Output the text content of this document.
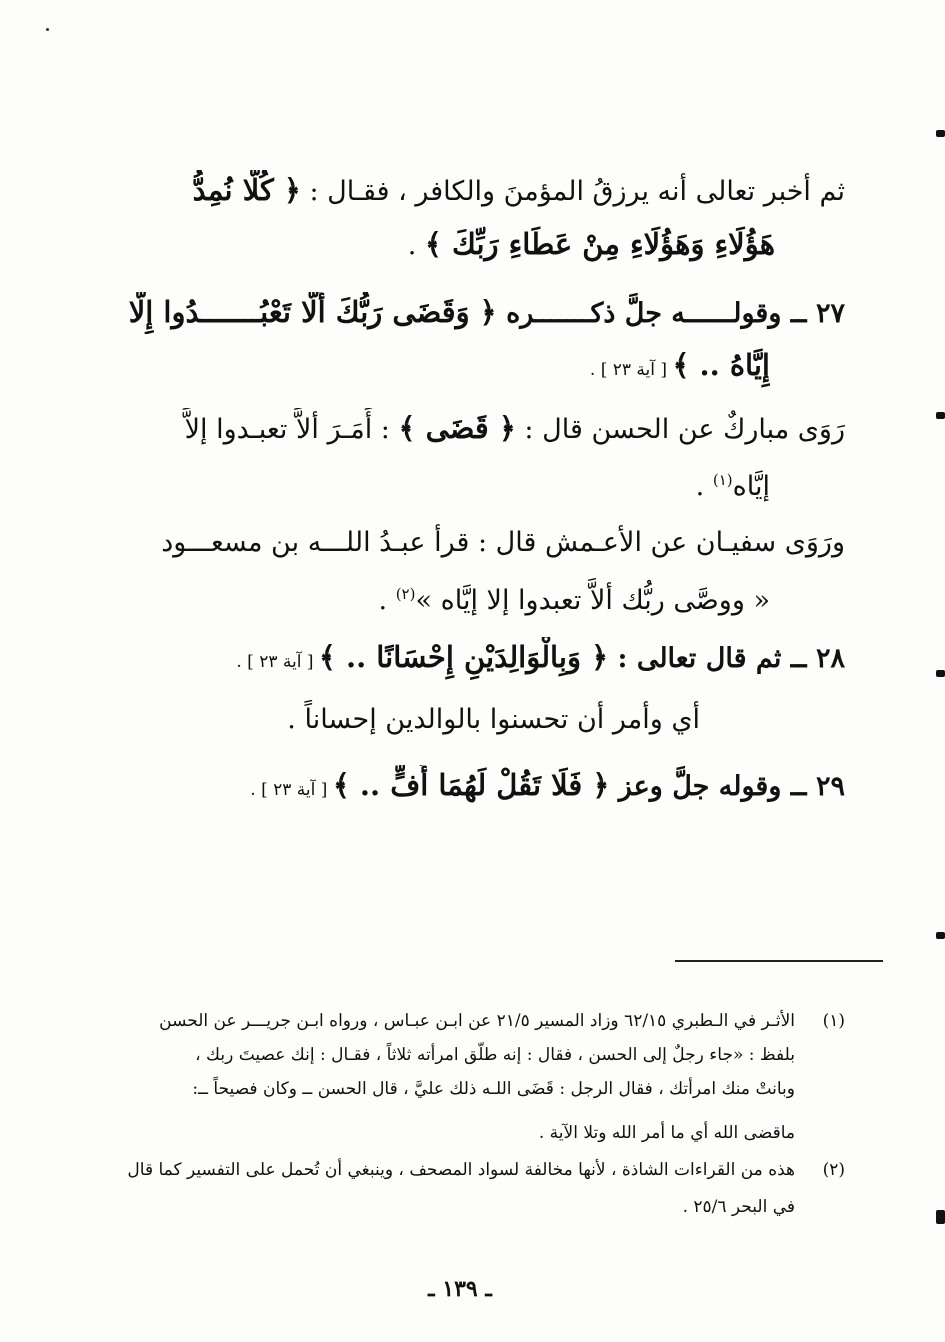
ثم أخبر تعالى أنه يرزقُ المؤمنَ والكافر ، فقـال : ﴿ كُلًّا نُمِدُّ
هَؤُلَاءِ وَهَؤُلَاءِ مِنْ عَطَاءِ رَبِّكَ ﴾ .
٢٧ ــ وقولــــــه جلَّ ذكـــــــره ﴿ وَقَضَى رَبُّكَ أَلَّا تَعْبُـــــــدُوا إِلَّا
إِيَّاهُ .. ﴾ [ آية ٢٣ ] .
رَوَى مباركٌ عن الحسن قال : ﴿ قَضَى ﴾ : أَمَـرَ ألاَّ تعبـدوا إلاَّ
إيَّاه$^{(١)}$ .
ورَوَى سفيـان عن الأعـمش قال : قرأ عبـدُ اللـــه بن مسعـــود
« ووصَّى ربُّك ألاَّ تعبدوا إلا إيَّاه »$^{(٢)}$ .
٢٨ ــ ثم قال تعالى : ﴿ وَبِالْوَالِدَيْنِ إِحْسَانًا .. ﴾ [ آية ٢٣ ] .
أي وأمر أن تحسنوا بالوالدين إحساناً .
٢٩ ــ وقوله جلَّ وعز ﴿ فَلَا تَقُلْ لَهُمَا أُفٍّ .. ﴾ [ آية ٢٣ ] .
(١)
الأثـر في الـطبري ٦٢/١٥ وزاد المسير ٢١/٥ عن ابـن عبـاس ، ورواه ابـن جريـــر عن الحسن
بلفظ : «جاء رجلٌ إلى الحسن ، فقال : إنه طلَّق امرأته ثلاثاً ، فقـال : إنك عصيتَ ربك ،
وبانتْ منك امرأتك ، فقال الرجل : قَضَى اللـه ذلك عليَّ ، قال الحسن ــ وكان فصيحاً ــ:
ماقضى الله أي ما أمر الله وتلا الآية .
(٢)
هذه من القراءات الشاذة ، لأنها مخالفة لسواد المصحف ، وينبغي أن تُحمل على التفسير كما قال
في البحر ٢٥/٦ .
ـ ١٣٩ ـ
